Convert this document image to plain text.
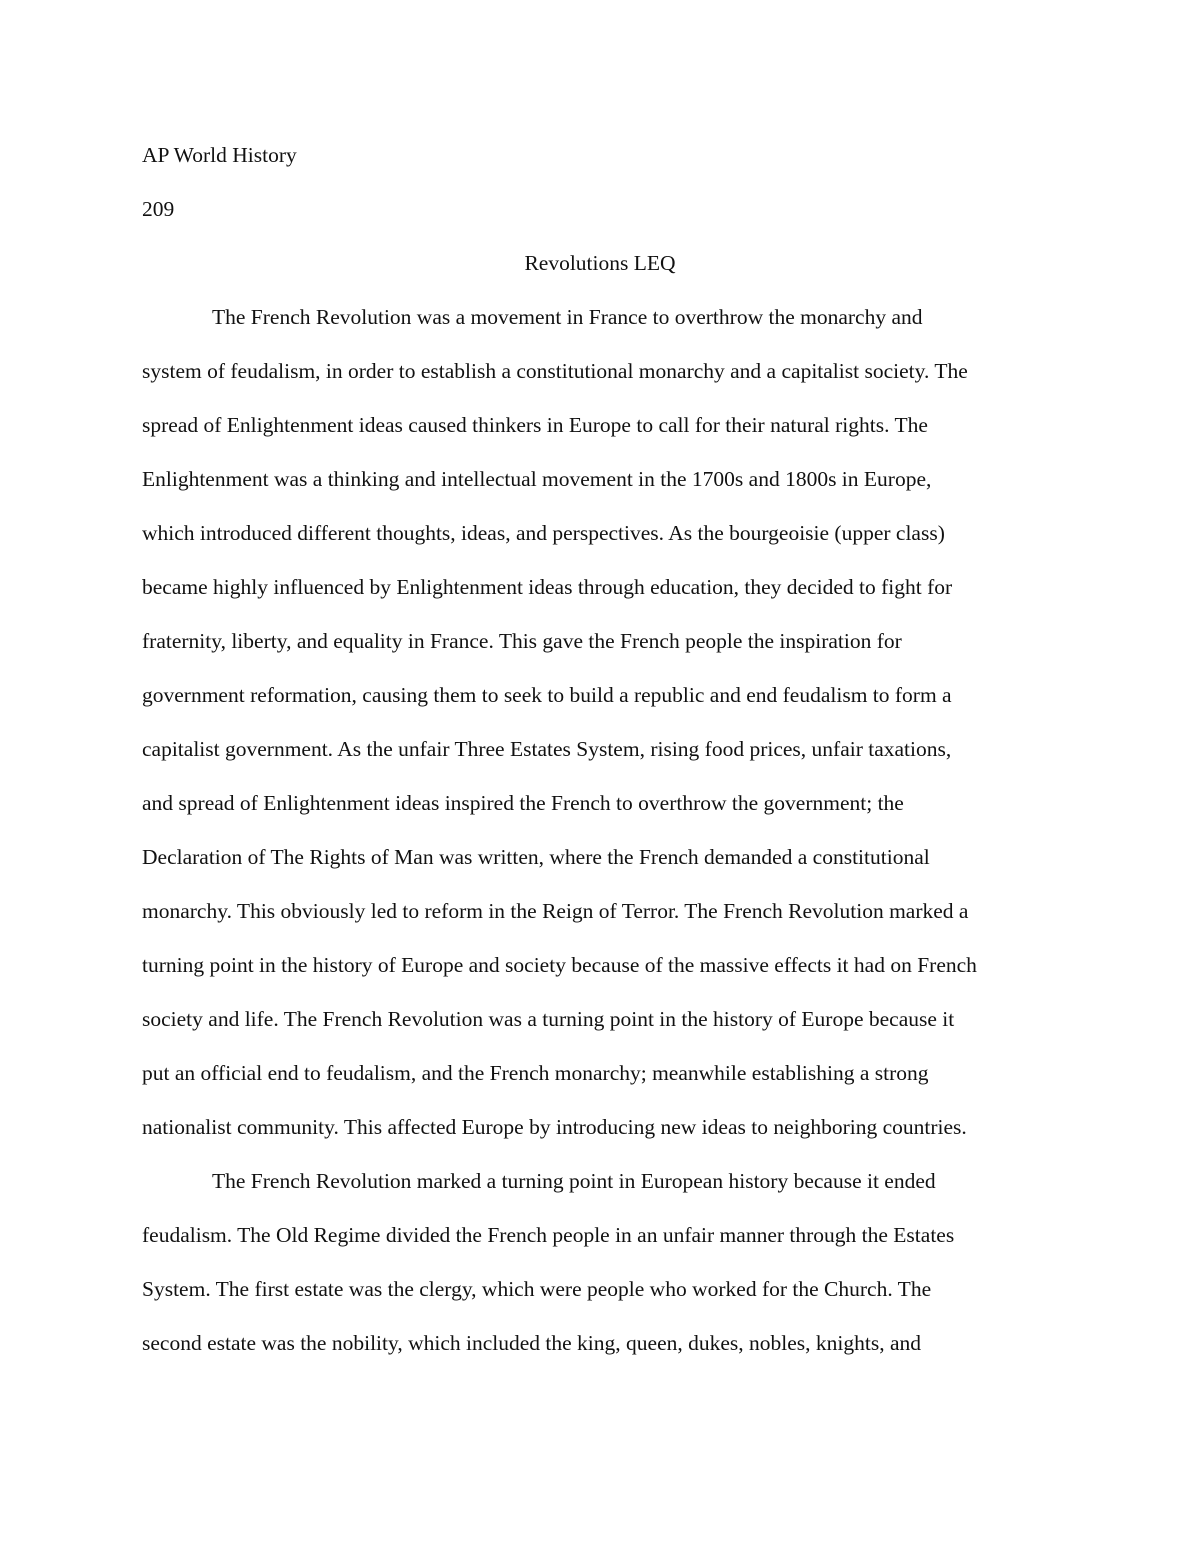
AP World History

209

Revolutions LEQ

The French Revolution was a movement in France to overthrow the monarchy and

system of feudalism, in order to establish a constitutional monarchy and a capitalist society. The

spread of Enlightenment ideas caused thinkers in Europe to call for their natural rights. The

Enlightenment was a thinking and intellectual movement in the 1700s and 1800s in Europe,

which introduced different thoughts, ideas, and perspectives. As the bourgeoisie (upper class)

became highly influenced by Enlightenment ideas through education, they decided to fight for

fraternity, liberty, and equality in France. This gave the French people the inspiration for

government reformation, causing them to seek to build a republic and end feudalism to form a

capitalist government. As the unfair Three Estates System, rising food prices, unfair taxations,

and spread of Enlightenment ideas inspired the French to overthrow the government; the

Declaration of The Rights of Man was written, where the French demanded a constitutional

monarchy. This obviously led to reform in the Reign of Terror. The French Revolution marked a

turning point in the history of Europe and society because of the massive effects it had on French

society and life. The French Revolution was a turning point in the history of Europe because it

put an official end to feudalism, and the French monarchy; meanwhile establishing a strong

nationalist community. This affected Europe by introducing new ideas to neighboring countries.

The French Revolution marked a turning point in European history because it ended

feudalism. The Old Regime divided the French people in an unfair manner through the Estates

System. The first estate was the clergy, which were people who worked for the Church. The

second estate was the nobility, which included the king, queen, dukes, nobles, knights, and
